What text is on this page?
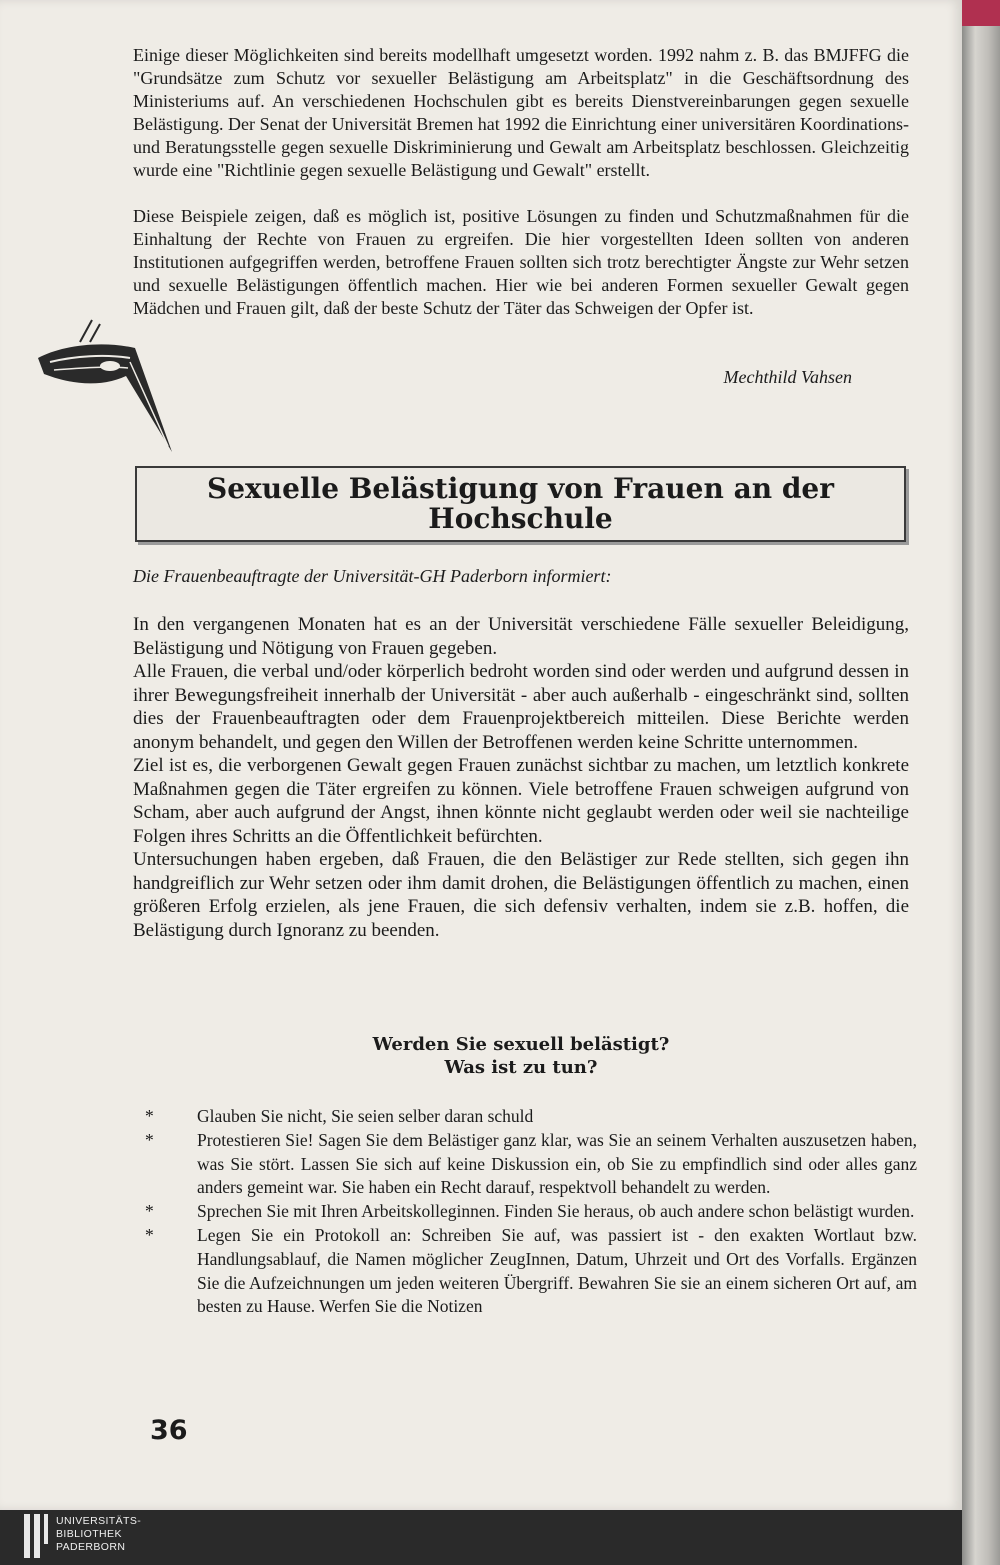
Einige dieser Möglichkeiten sind bereits modellhaft umgesetzt worden. 1992 nahm z. B. das BMJFFG die "Grundsätze zum Schutz vor sexueller Belästigung am Arbeitsplatz" in die Geschäftsordnung des Ministeriums auf. An verschiedenen Hochschulen gibt es bereits Dienstvereinbarungen gegen sexuelle Belästigung. Der Senat der Universität Bremen hat 1992 die Einrichtung einer universitären Koordinations- und Beratungsstelle gegen sexuelle Diskriminierung und Gewalt am Arbeitsplatz beschlossen. Gleichzeitig wurde eine "Richtlinie gegen sexuelle Belästigung und Gewalt" erstellt.

Diese Beispiele zeigen, daß es möglich ist, positive Lösungen zu finden und Schutzmaßnahmen für die Einhaltung der Rechte von Frauen zu ergreifen. Die hier vorgestellten Ideen sollten von anderen Institutionen aufgegriffen werden, betroffene Frauen sollten sich trotz berechtigter Ängste zur Wehr setzen und sexuelle Belästigungen öffentlich machen. Hier wie bei anderen Formen sexueller Gewalt gegen Mädchen und Frauen gilt, daß der beste Schutz der Täter das Schweigen der Opfer ist.

Mechthild Vahsen
Sexuelle Belästigung von Frauen an der
Hochschule
Die Frauenbeauftragte der Universität-GH Paderborn informiert:

In den vergangenen Monaten hat es an der Universität verschiedene Fälle sexueller Beleidigung, Belästigung und Nötigung von Frauen gegeben.

Alle Frauen, die verbal und/oder körperlich bedroht worden sind oder werden und aufgrund dessen in ihrer Bewegungsfreiheit innerhalb der Universität - aber auch außerhalb - eingeschränkt sind, sollten dies der Frauenbeauftragten oder dem Frauenprojektbereich mitteilen. Diese Berichte werden anonym behandelt, und gegen den Willen der Betroffenen werden keine Schritte unternommen.

Ziel ist es, die verborgenen Gewalt gegen Frauen zunächst sichtbar zu machen, um letztlich konkrete Maßnahmen gegen die Täter ergreifen zu können. Viele betroffene Frauen schweigen aufgrund von Scham, aber auch aufgrund der Angst, ihnen könnte nicht geglaubt werden oder weil sie nachteilige Folgen ihres Schritts an die Öffentlichkeit befürchten.

Untersuchungen haben ergeben, daß Frauen, die den Belästiger zur Rede stellten, sich gegen ihn handgreiflich zur Wehr setzen oder ihm damit drohen, die Belästigungen öffentlich zu machen, einen größeren Erfolg erzielen, als jene Frauen, die sich defensiv verhalten, indem sie z.B. hoffen, die Belästigung durch Ignoranz zu beenden.

Werden Sie sexuell belästigt?
Was ist zu tun?
* Glauben Sie nicht, Sie seien selber daran schuld
* Protestieren Sie! Sagen Sie dem Belästiger ganz klar, was Sie an seinem Verhalten auszusetzen haben, was Sie stört. Lassen Sie sich auf keine Diskussion ein, ob Sie zu empfindlich sind oder alles ganz anders gemeint war. Sie haben ein Recht darauf, respektvoll behandelt zu werden.
* Sprechen Sie mit Ihren Arbeitskolleginnen. Finden Sie heraus, ob auch andere schon belästigt wurden.
* Legen Sie ein Protokoll an: Schreiben Sie auf, was passiert ist - den exakten Wortlaut bzw. Handlungsablauf, die Namen möglicher ZeugInnen, Datum, Uhrzeit und Ort des Vorfalls. Ergänzen Sie die Aufzeichnungen um jeden weiteren Übergriff. Bewahren Sie sie an einem sicheren Ort auf, am besten zu Hause. Werfen Sie die Notizen
36
UNIVERSITÄTS-
BIBLIOTHEK
PADERBORN
